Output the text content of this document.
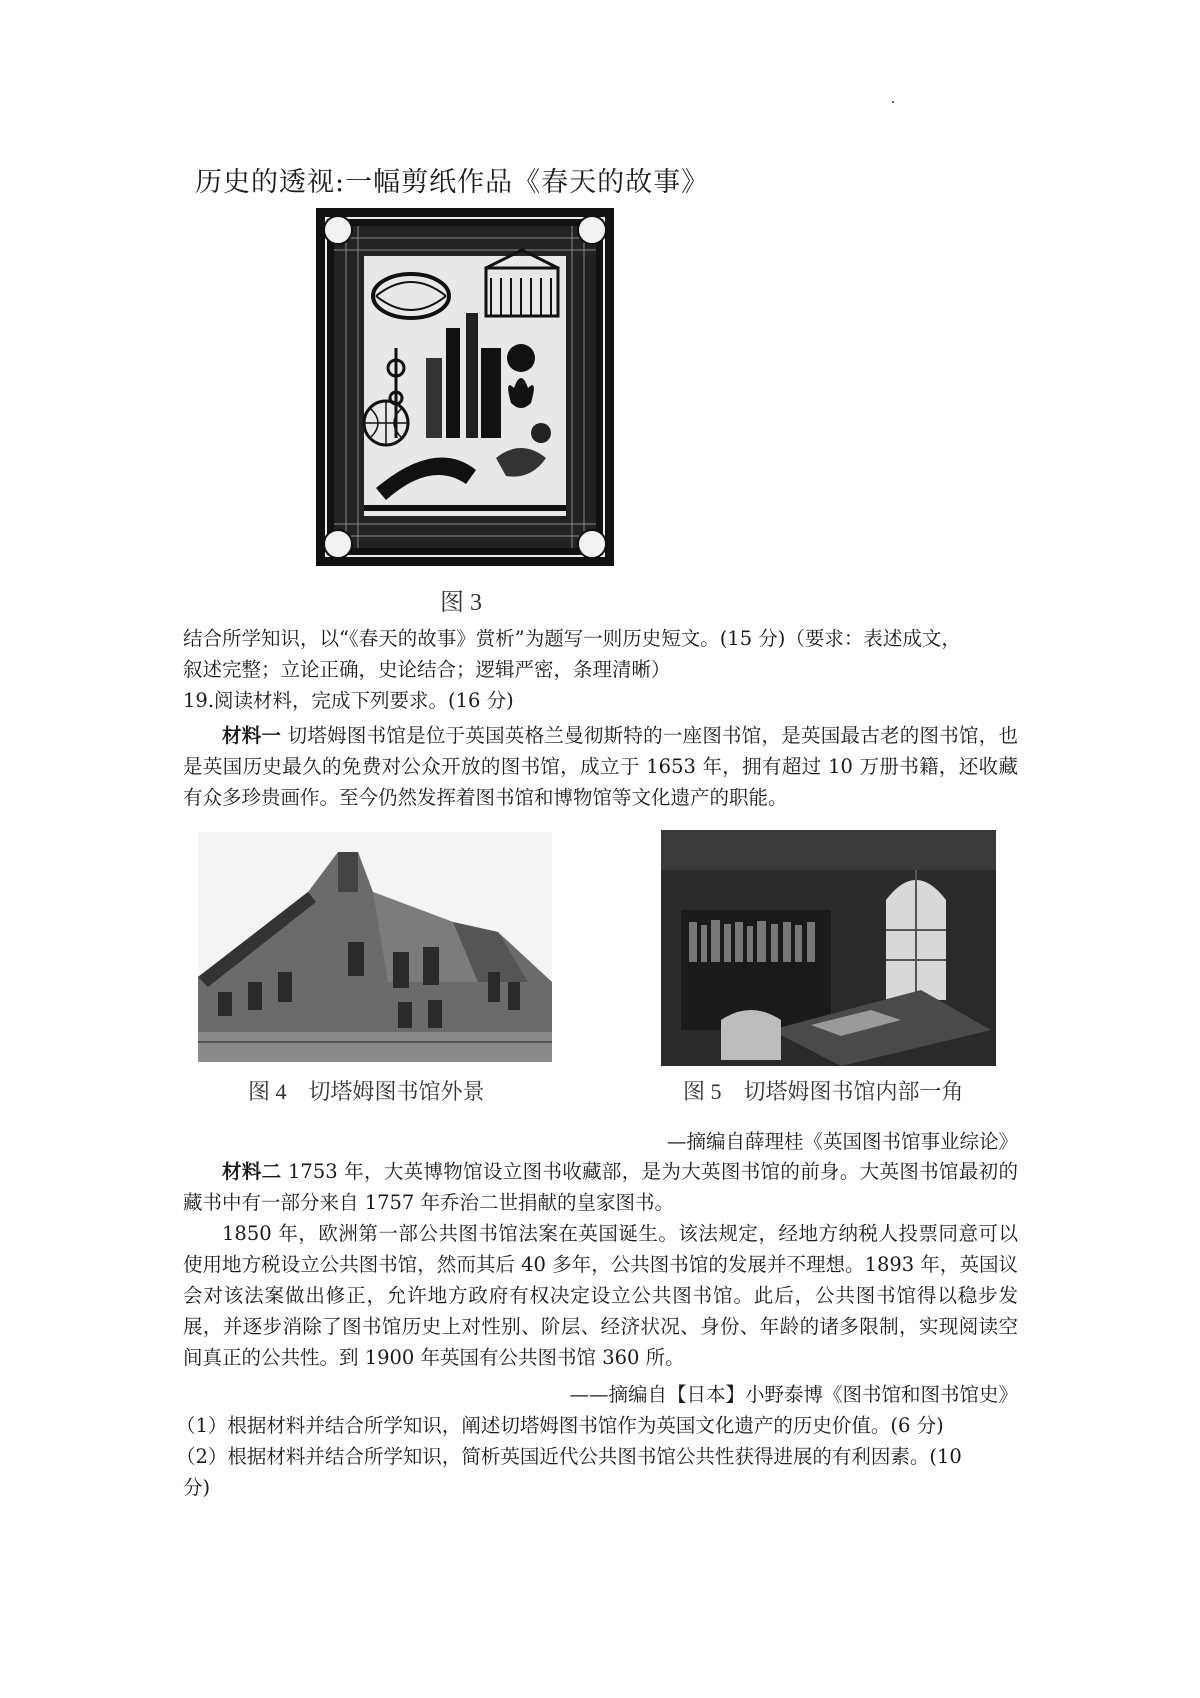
历史的透视:一幅剪纸作品《春天的故事》
图 3
结合所学知识，以“《春天的故事》赏析”为题写一则历史短文。(15 分)（要求：表述成文，
叙述完整；立论正确，史论结合；逻辑严密，条理清晰）
19.阅读材料，完成下列要求。(16 分)
材料一 切塔姆图书馆是位于英国英格兰曼彻斯特的一座图书馆，是英国最古老的图书馆，也是英国历史最久的免费对公众开放的图书馆，成立于 1653 年，拥有超过 10 万册书籍，还收藏有众多珍贵画作。至今仍然发挥着图书馆和博物馆等文化遗产的职能。
图 4　切塔姆图书馆外景	图 5　切塔姆图书馆内部一角
—摘编自薛理桂《英国图书馆事业综论》
材料二 1753 年，大英博物馆设立图书收藏部，是为大英图书馆的前身。大英图书馆最初的藏书中有一部分来自 1757 年乔治二世捐献的皇家图书。
1850 年，欧洲第一部公共图书馆法案在英国诞生。该法规定，经地方纳税人投票同意可以使用地方税设立公共图书馆，然而其后 40 多年，公共图书馆的发展并不理想。1893 年，英国议会对该法案做出修正，允许地方政府有权决定设立公共图书馆。此后，公共图书馆得以稳步发展，并逐步消除了图书馆历史上对性别、阶层、经济状况、身份、年龄的诸多限制，实现阅读空间真正的公共性。到 1900 年英国有公共图书馆 360 所。
——摘编自【日本】小野泰博《图书馆和图书馆史》
（1）根据材料并结合所学知识，阐述切塔姆图书馆作为英国文化遗产的历史价值。(6 分)
（2）根据材料并结合所学知识，简析英国近代公共图书馆公共性获得进展的有利因素。(10
分)
